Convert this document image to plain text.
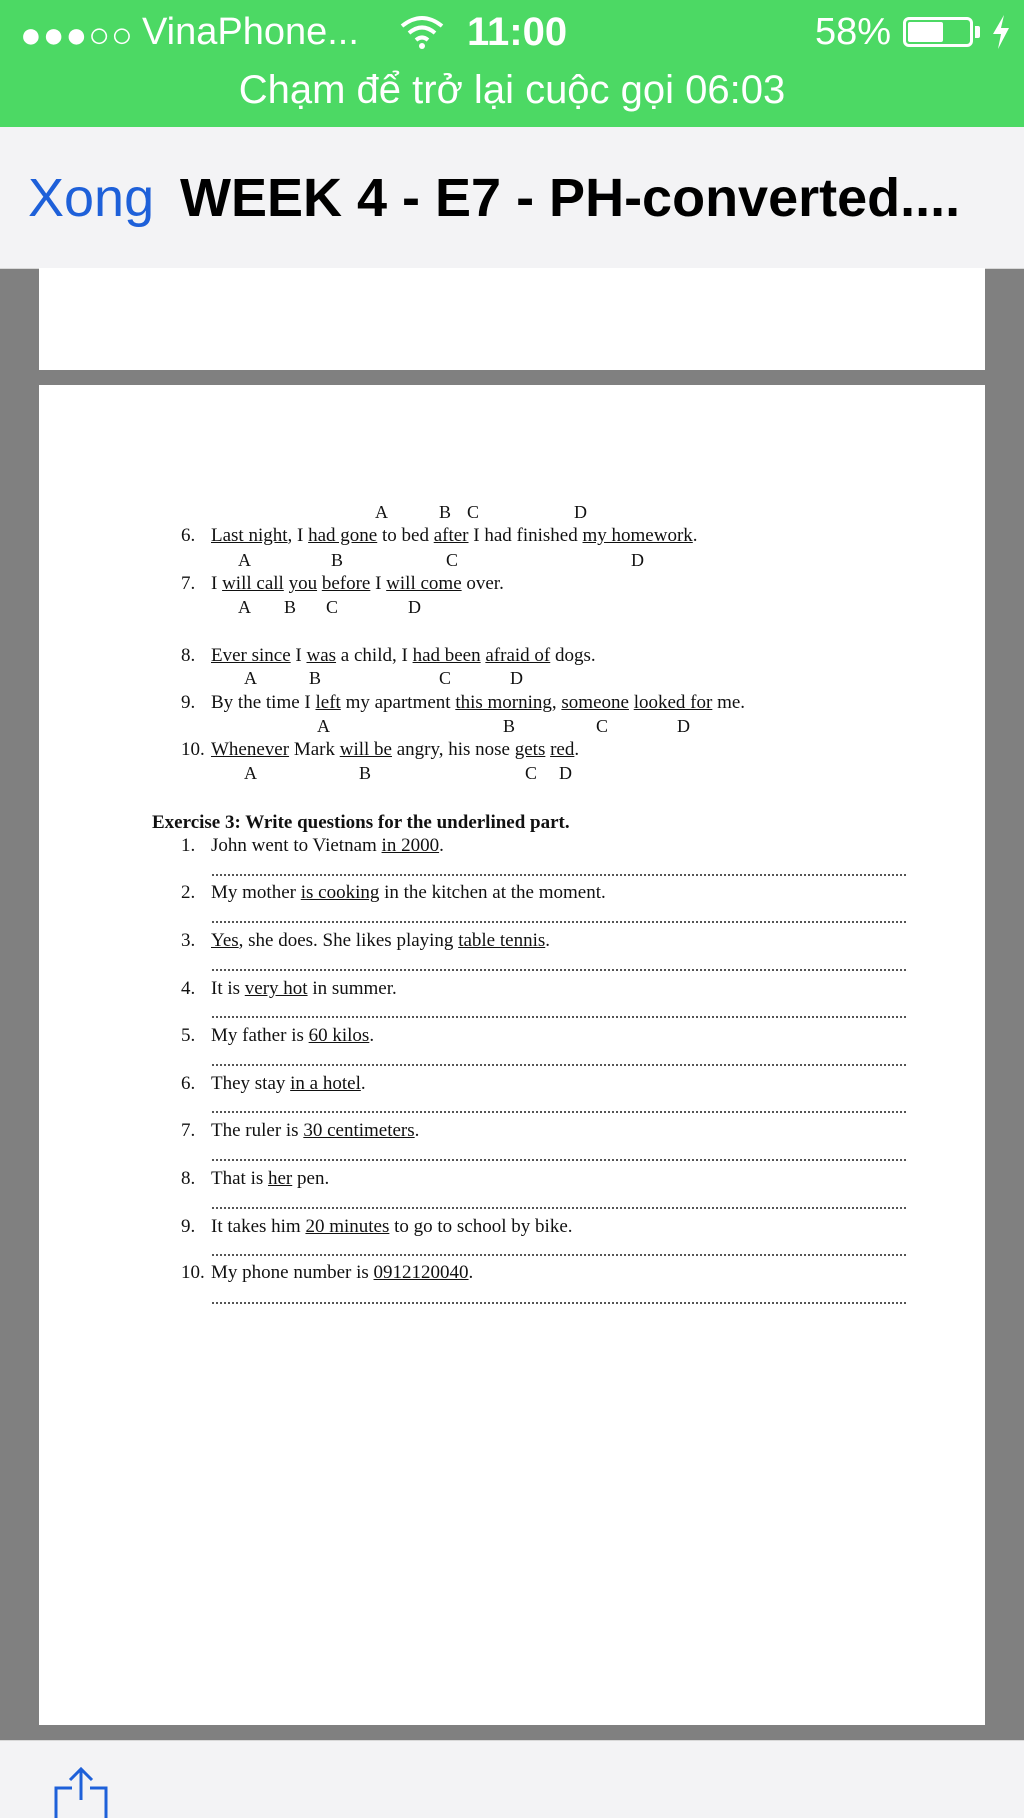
●●●○○ VinaPhone...	11:00	58%
Chạm để trở lại cuộc gọi 06:03
Xong WEEK 4 - E7 - PH-converted....
A	B C	D
6. Last night, I had gone to bed after I had finished my homework.
A	B	C	D
7. I will call you before I will come over.
A B C	D
8. Ever since I was a child, I had been afraid of dogs.
A	B	C	D
9. By the time I left my apartment this morning, someone looked for me.
A	B	C	D
10. Whenever Mark will be angry, his nose gets red.
A	B	C D
Exercise 3: Write questions for the underlined part.
1. John went to Vietnam in 2000.
2. My mother is cooking in the kitchen at the moment.
3. Yes, she does. She likes playing table tennis.
4. It is very hot in summer.
5. My father is 60 kilos.
6. They stay in a hotel.
7. The ruler is 30 centimeters.
8. That is her pen.
9. It takes him 20 minutes to go to school by bike.
10. My phone number is 0912120040.
